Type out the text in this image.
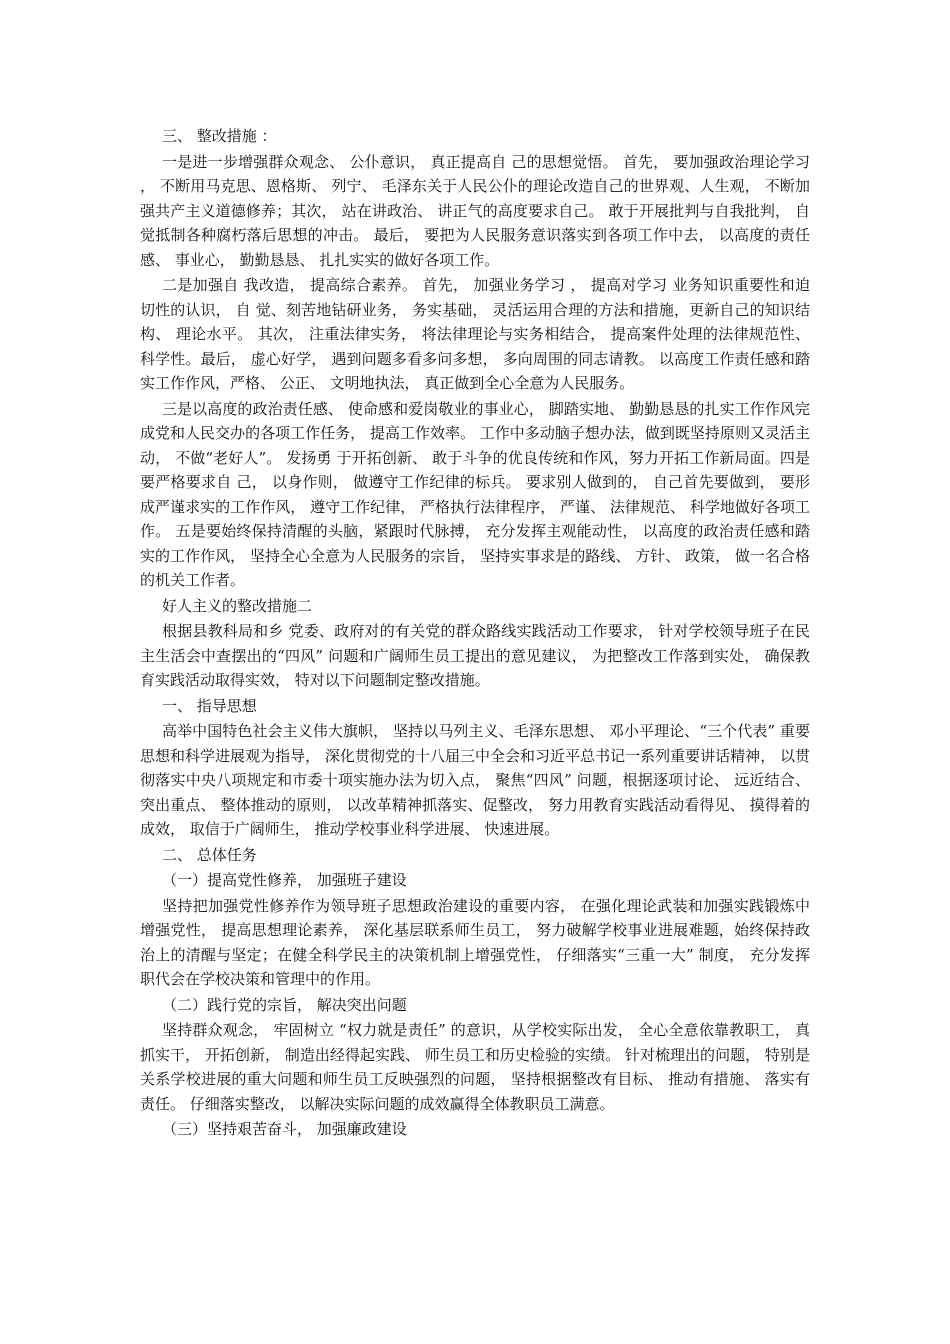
三、 整改措施 ：
一是进一步增强群众观念、 公仆意识， 真正提高自 己的思想觉悟。 首先， 要加强政治理论学习 ， 不断用马克思、恩格斯、 列宁、 毛泽东关于人民公仆的理论改造自己的世界观、人生观， 不断加强共产主义道德修养；其次， 站在讲政治、 讲正气的高度要求自己。 敢于开展批判与自我批判， 自觉抵制各种腐朽落后思想的冲击。 最后， 要把为人民服务意识落实到各项工作中去， 以高度的责任感、 事业心， 勤勤恳恳、 扎扎实实的做好各项工作。
二是加强自 我改造， 提高综合素养。 首先， 加强业务学习 ， 提高对学习 业务知识重要性和迫切性的认识， 自 觉、刻苦地钻研业务， 务实基础， 灵活运用合理的方法和措施，更新自己的知识结构、 理论水平。 其次， 注重法律实务， 将法律理论与实务相结合， 提高案件处理的法律规范性、 科学性。最后， 虚心好学， 遇到问题多看多问多想， 多向周围的同志请教。 以高度工作责任感和踏实工作作风，严格、 公正、 文明地执法， 真正做到全心全意为人民服务。
三是以高度的政治责任感、 使命感和爱岗敬业的事业心， 脚踏实地、 勤勤恳恳的扎实工作作风完成党和人民交办的各项工作任务， 提高工作效率。 工作中多动脑子想办法，做到既坚持原则又灵活主动， 不做“老好人”。 发扬勇 于开拓创新、 敢于斗争的优良传统和作风，努力开拓工作新局面。四是要严格要求自 己， 以身作则， 做遵守工作纪律的标兵。 要求别人做到的， 自己首先要做到， 要形成严谨求实的工作作风， 遵守工作纪律， 严格执行法律程序， 严谨、 法律规范、 科学地做好各项工作。 五是要始终保持清醒的头脑，紧跟时代脉搏， 充分发挥主观能动性， 以高度的政治责任感和踏实的工作作风， 坚持全心全意为人民服务的宗旨， 坚持实事求是的路线、 方针、 政策， 做一名合格的机关工作者。
好人主义的整改措施二
根据县教科局和乡 党委、政府对的有关党的群众路线实践活动工作要求， 针对学校领导班子在民主生活会中查摆出的“四风” 问题和广阔师生员工提出的意见建议， 为把整改工作落到实处， 确保教育实践活动取得实效， 特对以下问题制定整改措施。
一、 指导思想
高举中国特色社会主义伟大旗帜， 坚持以马列主义、毛泽东思想、 邓小平理论、“三个代表” 重要思想和科学进展观为指导， 深化贯彻党的十八届三中全会和习近平总书记一系列重要讲话精神， 以贯彻落实中央八项规定和市委十项实施办法为切入点， 聚焦“四风” 问题，根据逐项讨论、 远近结合、 突出重点、 整体推动的原则， 以改革精神抓落实、促整改， 努力用教育实践活动看得见、 摸得着的成效， 取信于广阔师生， 推动学校事业科学进展、 快速进展。
二、 总体任务
（一）提高党性修养， 加强班子建设
坚持把加强党性修养作为领导班子思想政治建设的重要内容， 在强化理论武装和加强实践锻炼中增强党性， 提高思想理论素养， 深化基层联系师生员工， 努力破解学校事业进展难题，始终保持政治上的清醒与坚定；在健全科学民主的决策机制上增强党性， 仔细落实“三重一大” 制度， 充分发挥职代会在学校决策和管理中的作用。
（二）践行党的宗旨， 解决突出问题
坚持群众观念， 牢固树立 “权力就是责任” 的意识，从学校实际出发， 全心全意依靠教职工， 真抓实干， 开拓创新， 制造出经得起实践、 师生员工和历史检验的实绩。 针对梳理出的问题， 特别是关系学校进展的重大问题和师生员工反映强烈的问题， 坚持根据整改有目标、 推动有措施、 落实有责任。 仔细落实整改， 以解决实际问题的成效赢得全体教职员工满意。
（三）坚持艰苦奋斗， 加强廉政建设
